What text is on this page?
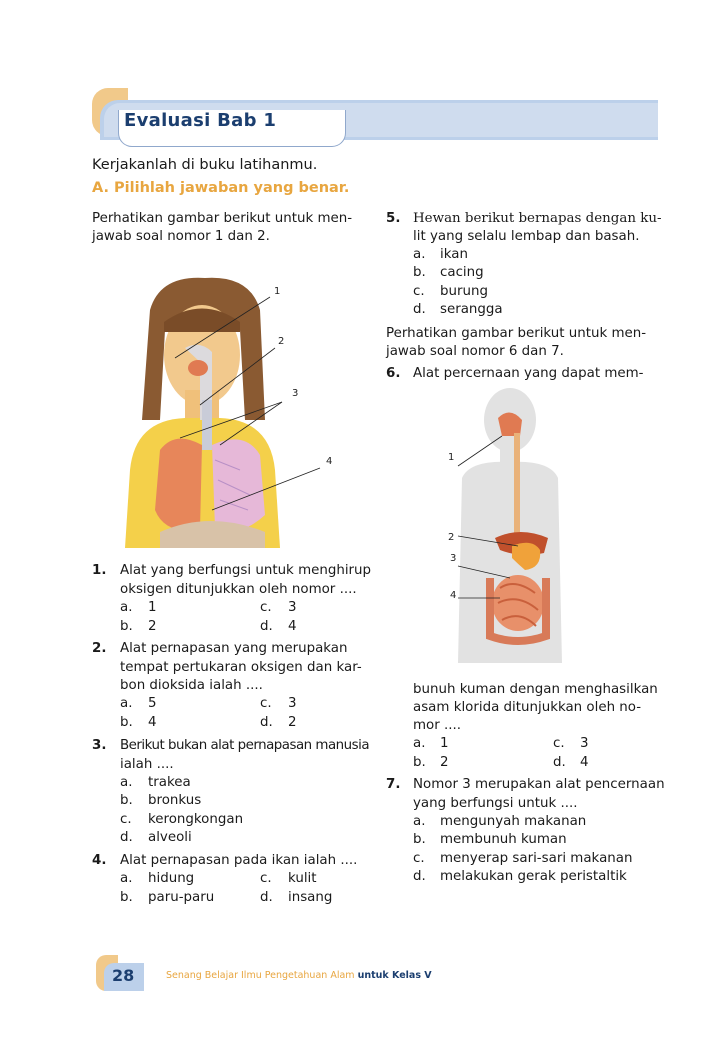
Evaluasi Bab 1
Kerjakanlah di buku latihanmu.
A. Pilihlah jawaban yang benar.
Perhatikan gambar berikut untuk men-
jawab soal nomor 1 dan 2.
1
2
3
4
1. Alat yang berfungsi untuk menghirup
oksigen ditunjukkan oleh nomor ....
a. 1	c. 3
b. 2	d. 4
2. Alat pernapasan yang merupakan
tempat pertukaran oksigen dan kar-
bon dioksida ialah ....
a. 5	c. 3
b. 4	d. 2
3. Berikut bukan alat pernapasan manusia
ialah ....
a. trakea
b. bronkus
c. kerongkongan
d. alveoli
4. Alat pernapasan pada ikan ialah ....
a. hidung	c. kulit
b. paru-paru	d. insang
5. Hewan berikut bernapas dengan ku-
lit yang selalu lembap dan basah.
a. ikan
b. cacing
c. burung
d. serangga
Perhatikan gambar berikut untuk men-
jawab soal nomor 6 dan 7.
6. Alat percernaan yang dapat mem-
1
2
3
4
bunuh kuman dengan menghasilkan
asam klorida ditunjukkan oleh no-
mor ....
a. 1	c. 3
b. 2	d. 4
7. Nomor 3 merupakan alat pencernaan
yang berfungsi untuk ....
a. mengunyah makanan
b. membunuh kuman
c. menyerap sari-sari makanan
d. melakukan gerak peristaltik
28	Senang Belajar Ilmu Pengetahuan Alam untuk Kelas V
